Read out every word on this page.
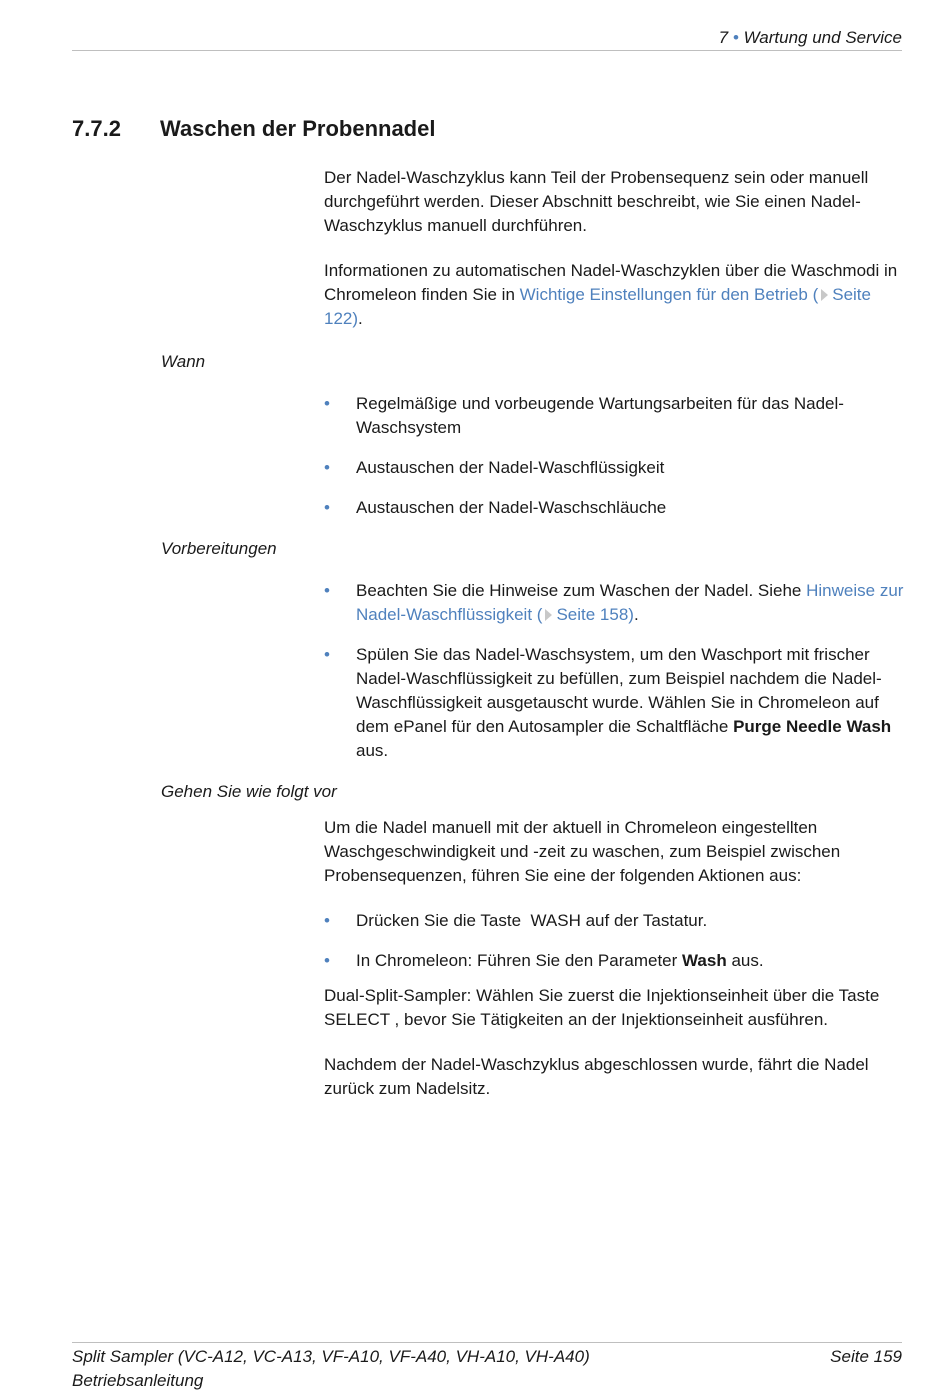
7 • Wartung und Service
7.7.2 Waschen der Probennadel

Der Nadel-Waschzyklus kann Teil der Probensequenz sein oder manuell durchgeführt werden. Dieser Abschnitt beschreibt, wie Sie einen Nadel-Waschzyklus manuell durchführen.

Informationen zu automatischen Nadel-Waschzyklen über die Waschmodi in Chromeleon finden Sie in Wichtige Einstellungen für den Betrieb ( Seite 122).

Wann
• Regelmäßige und vorbeugende Wartungsarbeiten für das Nadel-Waschsystem
• Austauschen der Nadel-Waschflüssigkeit
• Austauschen der Nadel-Waschschläuche
Vorbereitungen
• Beachten Sie die Hinweise zum Waschen der Nadel. Siehe Hinweise zur Nadel-Waschflüssigkeit ( Seite 158).
• Spülen Sie das Nadel-Waschsystem, um den Waschport mit frischer Nadel-Waschflüssigkeit zu befüllen, zum Beispiel nachdem die Nadel-Waschflüssigkeit ausgetauscht wurde. Wählen Sie in Chromeleon auf dem ePanel für den Autosampler die Schaltfläche Purge Needle Wash aus.
Gehen Sie wie folgt vor

Um die Nadel manuell mit der aktuell in Chromeleon eingestellten Waschgeschwindigkeit und -zeit zu waschen, zum Beispiel zwischen Probensequenzen, führen Sie eine der folgenden Aktionen aus:

• Drücken Sie die Taste  WASH auf der Tastatur.
• In Chromeleon: Führen Sie den Parameter Wash aus.

Dual-Split-Sampler: Wählen Sie zuerst die Injektionseinheit über die Taste  SELECT , bevor Sie Tätigkeiten an der Injektionseinheit ausführen.

Nachdem der Nadel-Waschzyklus abgeschlossen wurde, fährt die Nadel zurück zum Nadelsitz.

Split Sampler (VC-A12, VC-A13, VF-A10, VF-A40, VH-A10, VH-A40)
Betriebsanleitung
Seite 159
